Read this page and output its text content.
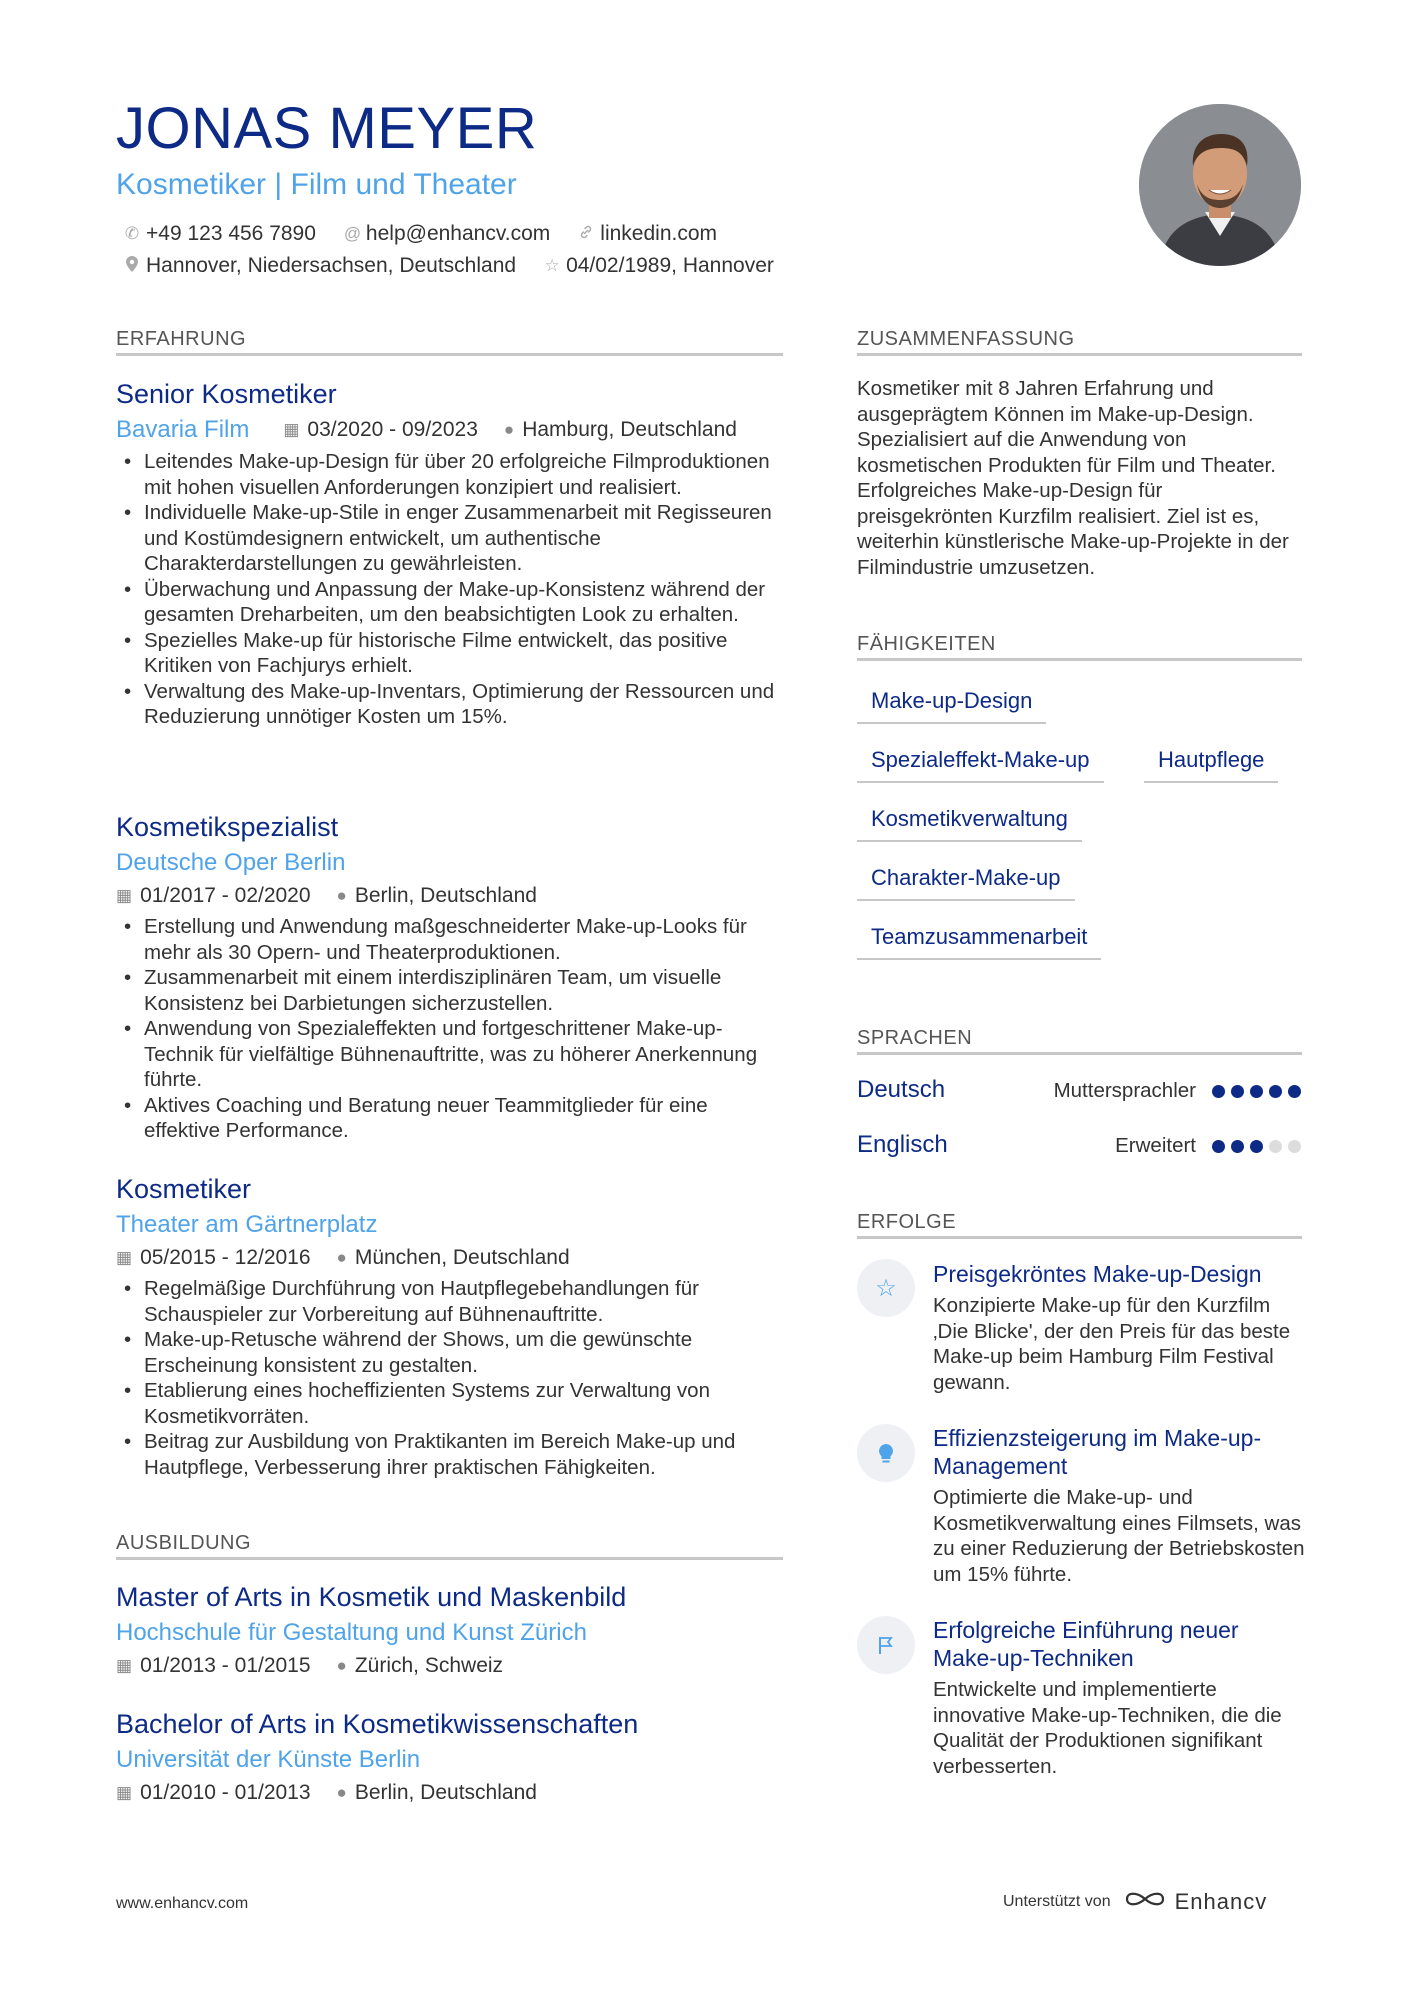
JONAS MEYER
Kosmetiker | Film und Theater
✆ +49 123 456 7890 @ help@enhancv.com linkedin.com
Hannover, Niedersachsen, Deutschland ☆ 04/02/1989, Hannover
ERFAHRUNG
Senior Kosmetiker
Bavaria Film ▦ 03/2020 - 09/2023 ● Hamburg, Deutschland
• Leitendes Make-up-Design für über 20 erfolgreiche Filmproduktionen mit hohen visuellen Anforderungen konzipiert und realisiert.
• Individuelle Make-up-Stile in enger Zusammenarbeit mit Regisseuren und Kostümdesignern entwickelt, um authentische Charakterdarstellungen zu gewährleisten.
• Überwachung und Anpassung der Make-up-Konsistenz während der gesamten Dreharbeiten, um den beabsichtigten Look zu erhalten.
• Spezielles Make-up für historische Filme entwickelt, das positive Kritiken von Fachjurys erhielt.
• Verwaltung des Make-up-Inventars, Optimierung der Ressourcen und Reduzierung unnötiger Kosten um 15%.
Kosmetikspezialist
Deutsche Oper Berlin
▦ 01/2017 - 02/2020 ● Berlin, Deutschland
• Erstellung und Anwendung maßgeschneiderter Make-up-Looks für mehr als 30 Opern- und Theaterproduktionen.
• Zusammenarbeit mit einem interdisziplinären Team, um visuelle Konsistenz bei Darbietungen sicherzustellen.
• Anwendung von Spezialeffekten und fortgeschrittener Make-up-Technik für vielfältige Bühnenauftritte, was zu höherer Anerkennung führte.
• Aktives Coaching und Beratung neuer Teammitglieder für eine effektive Performance.
Kosmetiker
Theater am Gärtnerplatz
▦ 05/2015 - 12/2016 ● München, Deutschland
• Regelmäßige Durchführung von Hautpflegebehandlungen für Schauspieler zur Vorbereitung auf Bühnenauftritte.
• Make-up-Retusche während der Shows, um die gewünschte Erscheinung konsistent zu gestalten.
• Etablierung eines hocheffizienten Systems zur Verwaltung von Kosmetikvorräten.
• Beitrag zur Ausbildung von Praktikanten im Bereich Make-up und Hautpflege, Verbesserung ihrer praktischen Fähigkeiten.
AUSBILDUNG
Master of Arts in Kosmetik und Maskenbild
Hochschule für Gestaltung und Kunst Zürich
▦ 01/2013 - 01/2015 ● Zürich, Schweiz
Bachelor of Arts in Kosmetikwissenschaften
Universität der Künste Berlin
▦ 01/2010 - 01/2013 ● Berlin, Deutschland
ZUSAMMENFASSUNG
Kosmetiker mit 8 Jahren Erfahrung und ausgeprägtem Können im Make-up-Design. Spezialisiert auf die Anwendung von kosmetischen Produkten für Film und Theater. Erfolgreiches Make-up-Design für preisgekrönten Kurzfilm realisiert. Ziel ist es, weiterhin künstlerische Make-up-Projekte in der Filmindustrie umzusetzen.
FÄHIGKEITEN
Make-up-Design
Spezialeffekt-Make-up	Hautpflege
Kosmetikverwaltung
Charakter-Make-up
Teamzusammenarbeit
SPRACHEN
Deutsch	Muttersprachler
Englisch	Erweitert
ERFOLGE
☆
Preisgekröntes Make-up-Design
Konzipierte Make-up für den Kurzfilm ‚Die Blicke', der den Preis für das beste Make-up beim Hamburg Film Festival gewann.
Effizienzsteigerung im Make-up-Management
Optimierte die Make-up- und Kosmetikverwaltung eines Filmsets, was zu einer Reduzierung der Betriebskosten um 15% führte.
Erfolgreiche Einführung neuer Make-up-Techniken
Entwickelte und implementierte innovative Make-up-Techniken, die die Qualität der Produktionen signifikant verbesserten.
www.enhancv.com	Unterstützt von	Enhancv
